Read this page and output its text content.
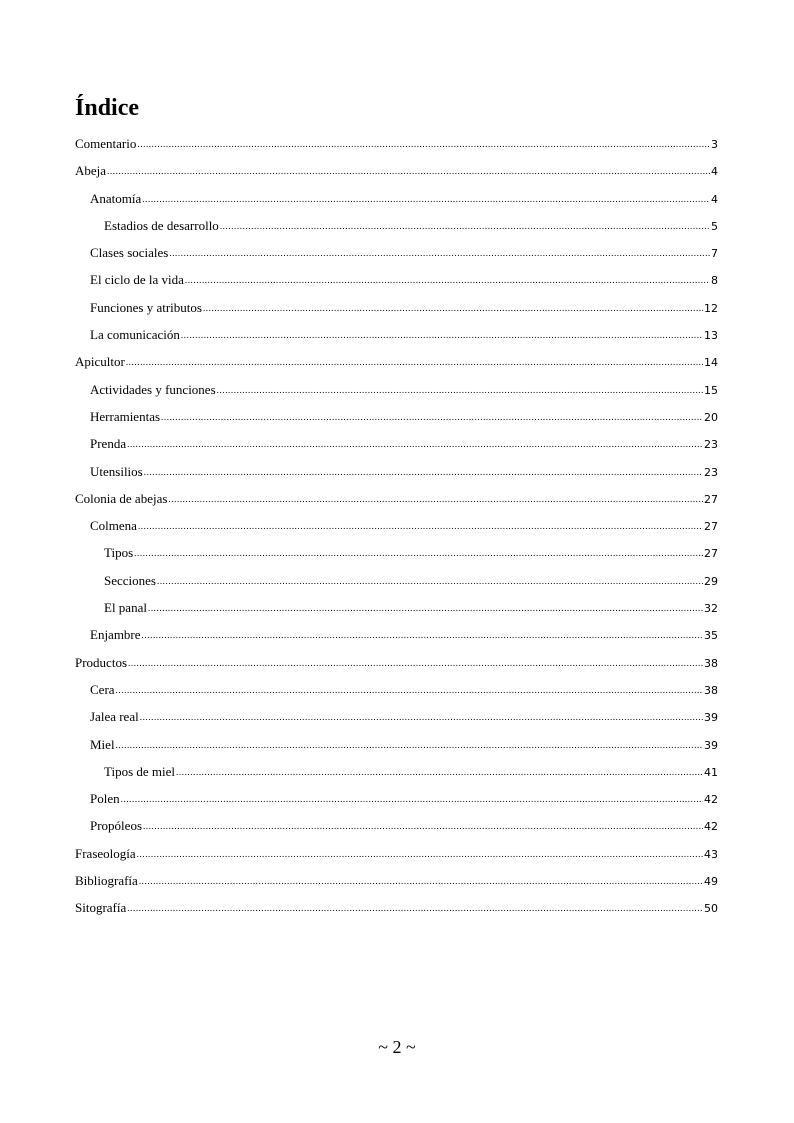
Índice
Comentario .....	3
Abeja .....	4
Anatomía .....	4
Estadios de desarrollo .....	5
Clases sociales .....	7
El ciclo de la vida .....	8
Funciones y atributos .....	12
La comunicación .....	13
Apicultor .....	14
Actividades y funciones .....	15
Herramientas .....	20
Prenda .....	23
Utensilios .....	23
Colonia de abejas .....	27
Colmena .....	27
Tipos .....	27
Secciones .....	29
El panal .....	32
Enjambre .....	35
Productos .....	38
Cera .....	38
Jalea real .....	39
Miel .....	39
Tipos de miel .....	41
Polen .....	42
Propóleos .....	42
Fraseología .....	43
Bibliografía .....	49
Sitografía .....	50
~ 2 ~
